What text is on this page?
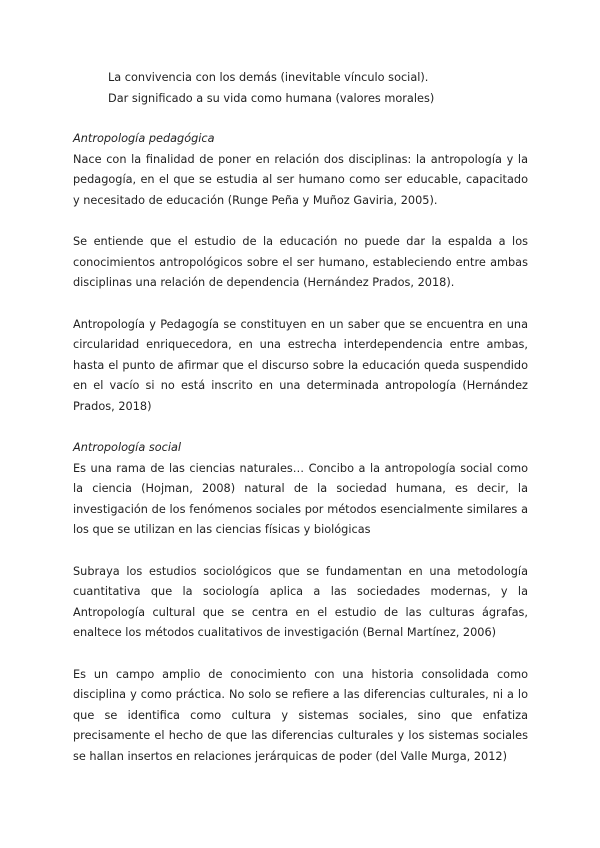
La convivencia con los demás (inevitable vínculo social).
Dar significado a su vida como humana (valores morales)
Antropología pedagógica

Nace con la finalidad de poner en relación dos disciplinas: la antropología y la pedagogía, en el que se estudia al ser humano como ser educable, capacitado y necesitado de educación (Runge Peña y Muñoz Gaviria, 2005).

Se entiende que el estudio de la educación no puede dar la espalda a los conocimientos antropológicos sobre el ser humano, estableciendo entre ambas disciplinas una relación de dependencia (Hernández Prados, 2018).

Antropología y Pedagogía se constituyen en un saber que se encuentra en una circularidad enriquecedora, en una estrecha interdependencia entre ambas, hasta el punto de afirmar que el discurso sobre la educación queda suspendido en el vacío si no está inscrito en una determinada antropología (Hernández Prados, 2018)

Antropología social

Es una rama de las ciencias naturales… Concibo a la antropología social como la ciencia (Hojman, 2008) natural de la sociedad humana, es decir, la investigación de los fenómenos sociales por métodos esencialmente similares a los que se utilizan en las ciencias físicas y biológicas

Subraya los estudios sociológicos que se fundamentan en una metodología cuantitativa que la sociología aplica a las sociedades modernas, y la Antropología cultural que se centra en el estudio de las culturas ágrafas, enaltece los métodos cualitativos de investigación (Bernal Martínez, 2006)

Es un campo amplio de conocimiento con una historia consolidada como disciplina y como práctica. No solo se refiere a las diferencias culturales, ni a lo que se identifica como cultura y sistemas sociales, sino que enfatiza precisamente el hecho de que las diferencias culturales y los sistemas sociales se hallan insertos en relaciones jerárquicas de poder (del Valle Murga, 2012)
